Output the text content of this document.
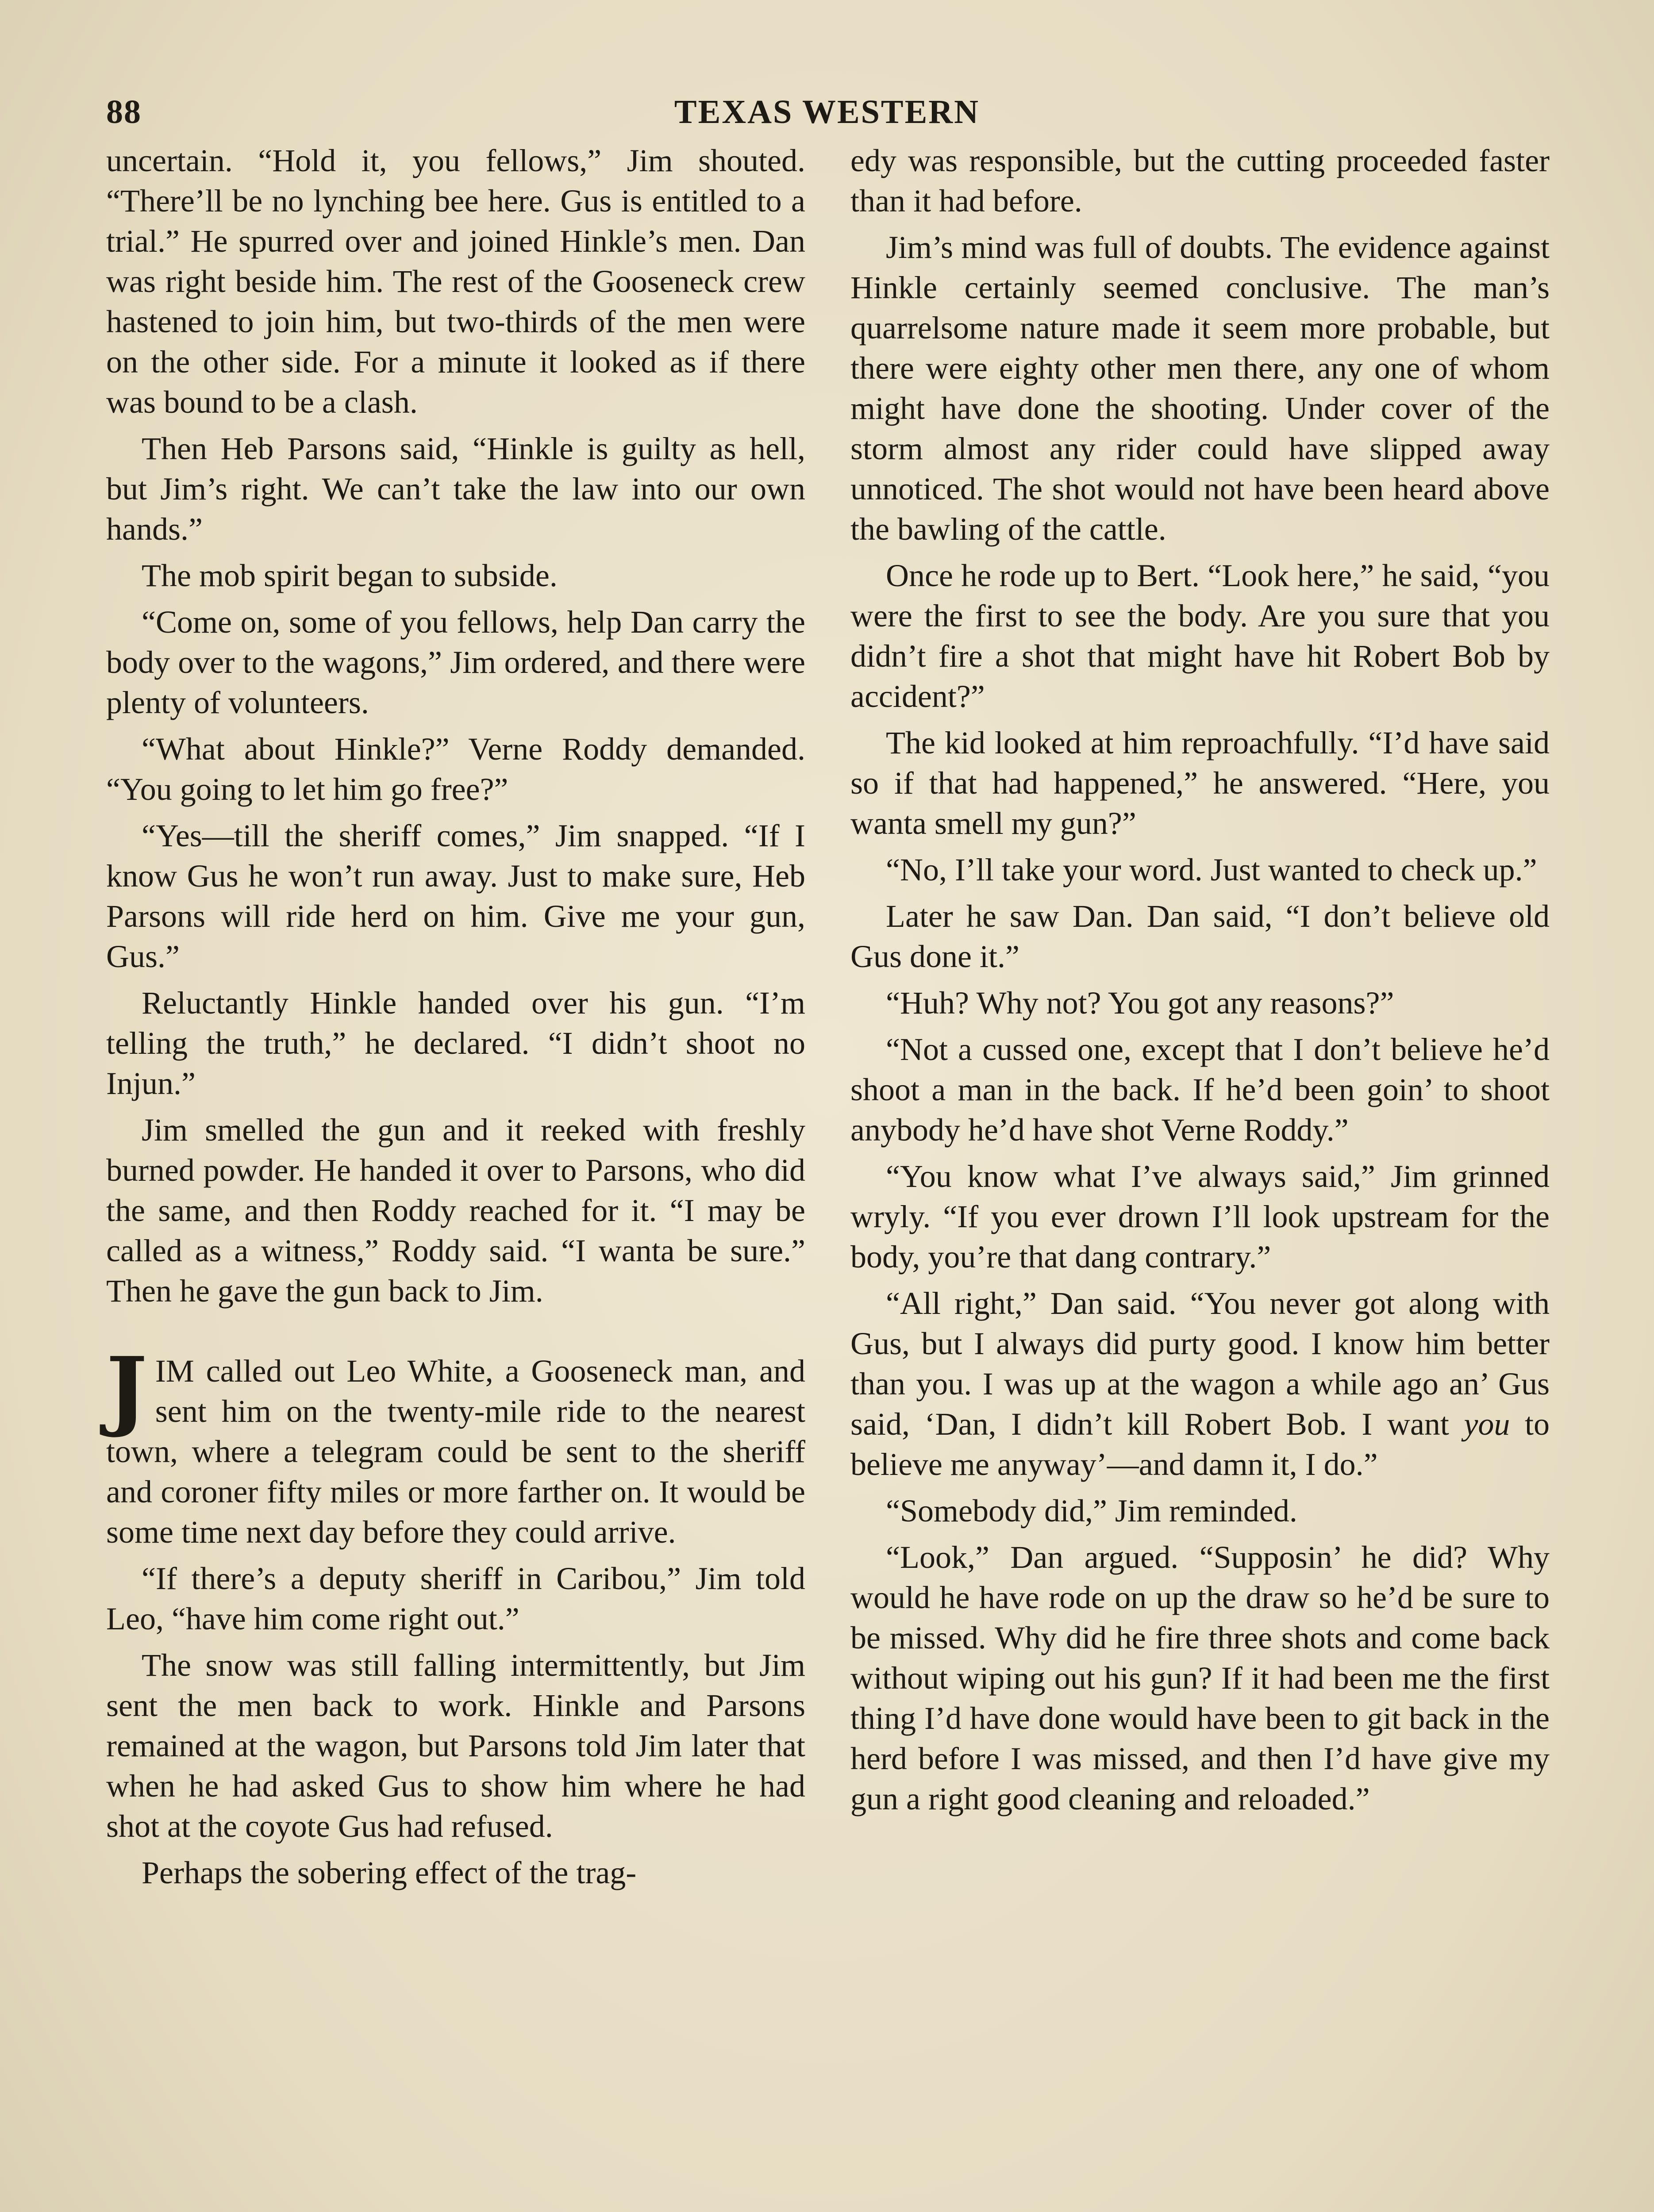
88	TEXAS WESTERN

uncertain. “Hold it, you fellows,” Jim shouted. “There’ll be no lynching bee here. Gus is entitled to a trial.” He spurred over and joined Hinkle’s men. Dan was right beside him. The rest of the Gooseneck crew hastened to join him, but two-thirds of the men were on the other side. For a minute it looked as if there was bound to be a clash.

Then Heb Parsons said, “Hinkle is guilty as hell, but Jim’s right. We can’t take the law into our own hands.”

The mob spirit began to subside.

“Come on, some of you fellows, help Dan carry the body over to the wagons,” Jim ordered, and there were plenty of volunteers.

“What about Hinkle?” Verne Roddy demanded. “You going to let him go free?”

“Yes—till the sheriff comes,” Jim snapped. “If I know Gus he won’t run away. Just to make sure, Heb Parsons will ride herd on him. Give me your gun, Gus.”

Reluctantly Hinkle handed over his gun. “I’m telling the truth,” he declared. “I didn’t shoot no Injun.”

Jim smelled the gun and it reeked with freshly burned powder. He handed it over to Parsons, who did the same, and then Roddy reached for it. “I may be called as a witness,” Roddy said. “I wanta be sure.” Then he gave the gun back to Jim.

JIM called out Leo White, a Gooseneck man, and sent him on the twenty-mile ride to the nearest town, where a telegram could be sent to the sheriff and coroner fifty miles or more farther on. It would be some time next day before they could arrive.

“If there’s a deputy sheriff in Caribou,” Jim told Leo, “have him come right out.”

The snow was still falling intermittently, but Jim sent the men back to work. Hinkle and Parsons remained at the wagon, but Parsons told Jim later that when he had asked Gus to show him where he had shot at the coyote Gus had refused.

Perhaps the sobering effect of the trag-

edy was responsible, but the cutting proceeded faster than it had before.

Jim’s mind was full of doubts. The evidence against Hinkle certainly seemed conclusive. The man’s quarrelsome nature made it seem more probable, but there were eighty other men there, any one of whom might have done the shooting. Under cover of the storm almost any rider could have slipped away unnoticed. The shot would not have been heard above the bawling of the cattle.

Once he rode up to Bert. “Look here,” he said, “you were the first to see the body. Are you sure that you didn’t fire a shot that might have hit Robert Bob by accident?”

The kid looked at him reproachfully. “I’d have said so if that had happened,” he answered. “Here, you wanta smell my gun?”

“No, I’ll take your word. Just wanted to check up.”

Later he saw Dan. Dan said, “I don’t believe old Gus done it.”

“Huh? Why not? You got any reasons?”

“Not a cussed one, except that I don’t believe he’d shoot a man in the back. If he’d been goin’ to shoot anybody he’d have shot Verne Roddy.”

“You know what I’ve always said,” Jim grinned wryly. “If you ever drown I’ll look upstream for the body, you’re that dang contrary.”

“All right,” Dan said. “You never got along with Gus, but I always did purty good. I know him better than you. I was up at the wagon a while ago an’ Gus said, ‘Dan, I didn’t kill Robert Bob. I want you to believe me anyway’—and damn it, I do.”

“Somebody did,” Jim reminded.

“Look,” Dan argued. “Supposin’ he did? Why would he have rode on up the draw so he’d be sure to be missed. Why did he fire three shots and come back without wiping out his gun? If it had been me the first thing I’d have done would have been to git back in the herd before I was missed, and then I’d have give my gun a right good cleaning and reloaded.”
